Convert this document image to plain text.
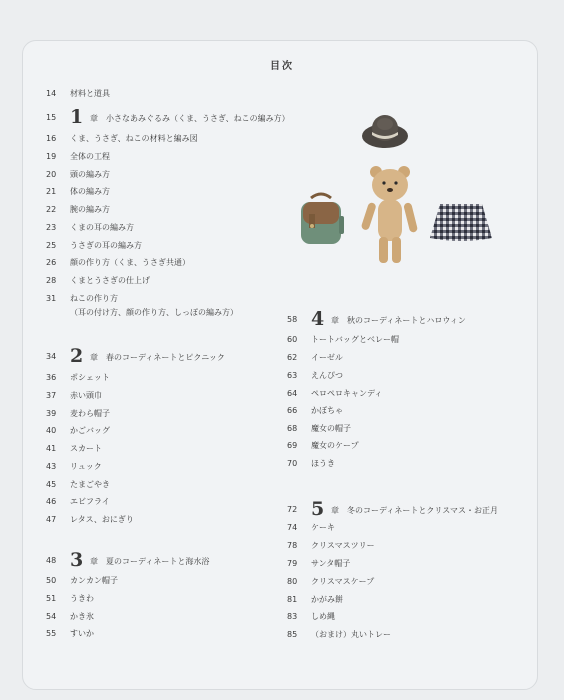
目次
14	材料と道具
15 1 章 小さなあみぐるみ（くま、うさぎ、ねこの編み方）
16	くま、うさぎ、ねこの材料と編み図
19	全体の工程
20	頭の編み方
21	体の編み方
22	腕の編み方
23	くまの耳の編み方
25	うさぎの耳の編み方
26	顔の作り方（くま、うさぎ共通）
28	くまとうさぎの仕上げ
31	ねこの作り方
（耳の付け方、顔の作り方、しっぽの編み方）
34 2 章 春のコーディネートとピクニック
36	ポシェット
37	赤い頭巾
39	麦わら帽子
40	かごバッグ
41	スカート
43	リュック
45	たまごやき
46	エビフライ
47	レタス、おにぎり
48 3 章 夏のコーディネートと海水浴
50	カンカン帽子
51	うきわ
54	かき氷
55	すいか
58 4 章 秋のコーディネートとハロウィン
60	トートバッグとベレー帽
62	イーゼル
63	えんぴつ
64	ペロペロキャンディ
66	かぼちゃ
68	魔女の帽子
69	魔女のケープ
70	ほうき
72 5 章 冬のコーディネートとクリスマス・お正月
74	ケーキ
78	クリスマスツリー
79	サンタ帽子
80	クリスマスケープ
81	かがみ餅
83	しめ縄
85	（おまけ）丸いトレー
